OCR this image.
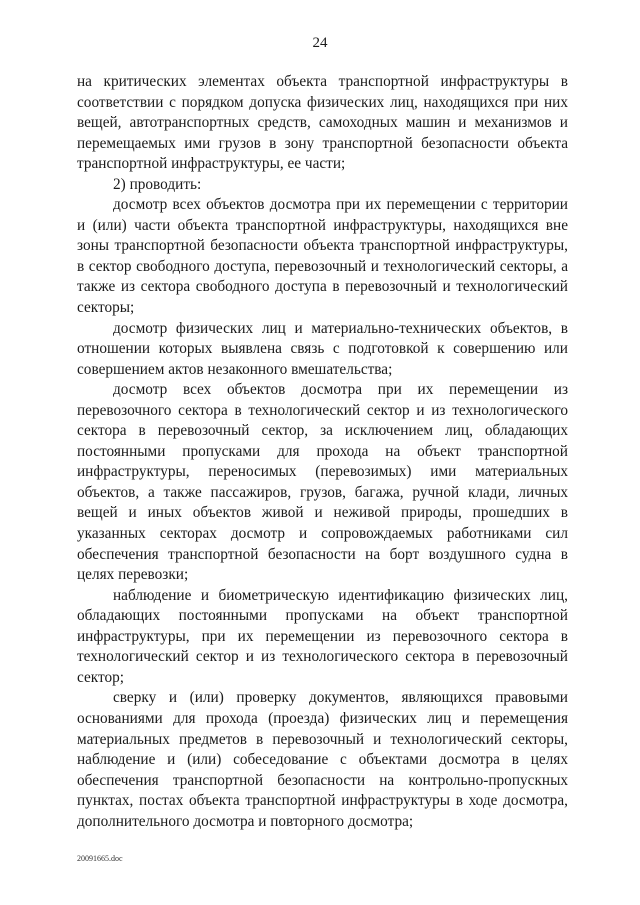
24

на критических элементах объекта транспортной инфраструктуры в соответствии с порядком допуска физических лиц, находящихся при них вещей, автотранспортных средств, самоходных машин и механизмов и перемещаемых ими грузов в зону транспортной безопасности объекта транспортной инфраструктуры, ее части;

2) проводить:

досмотр всех объектов досмотра при их перемещении с территории и (или) части объекта транспортной инфраструктуры, находящихся вне зоны транспортной безопасности объекта транспортной инфраструктуры, в сектор свободного доступа, перевозочный и технологический секторы, а также из сектора свободного доступа в перевозочный и технологический секторы;

досмотр физических лиц и материально-технических объектов, в отношении которых выявлена связь с подготовкой к совершению или совершением актов незаконного вмешательства;

досмотр всех объектов досмотра при их перемещении из перевозочного сектора в технологический сектор и из технологического сектора в перевозочный сектор, за исключением лиц, обладающих постоянными пропусками для прохода на объект транспортной инфраструктуры, переносимых (перевозимых) ими материальных объектов, а также пассажиров, грузов, багажа, ручной клади, личных вещей и иных объектов живой и неживой природы, прошедших в указанных секторах досмотр и сопровождаемых работниками сил обеспечения транспортной безопасности на борт воздушного судна в целях перевозки;

наблюдение и биометрическую идентификацию физических лиц, обладающих постоянными пропусками на объект транспортной инфраструктуры, при их перемещении из перевозочного сектора в технологический сектор и из технологического сектора в перевозочный сектор;

сверку и (или) проверку документов, являющихся правовыми основаниями для прохода (проезда) физических лиц и перемещения материальных предметов в перевозочный и технологический секторы, наблюдение и (или) собеседование с объектами досмотра в целях обеспечения транспортной безопасности на контрольно-пропускных пунктах, постах объекта транспортной инфраструктуры в ходе досмотра, дополнительного досмотра и повторного досмотра;

20091665.doc
